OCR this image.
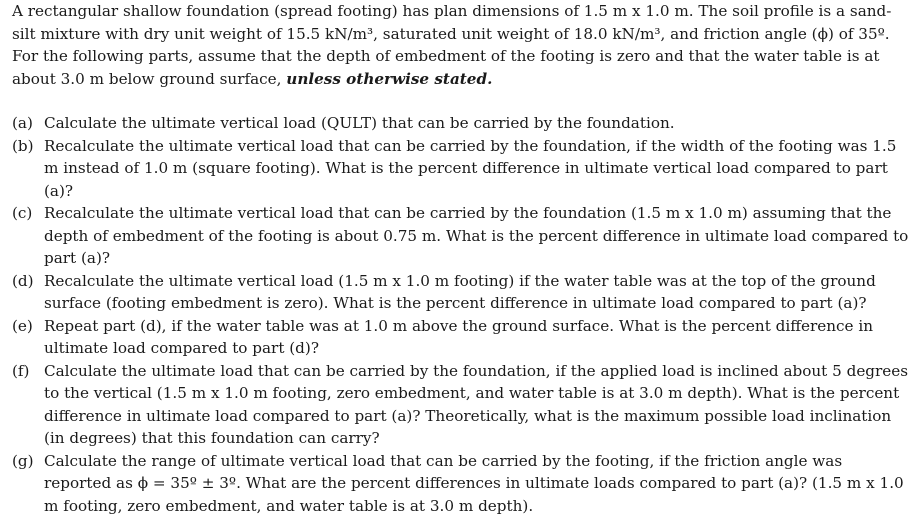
A rectangular shallow foundation (spread footing) has plan dimensions of 1.5 m x 1.0 m. The soil profile is a sand-silt mixture with dry unit weight of 15.5 kN/m³, saturated unit weight of 18.0 kN/m³, and friction angle (ϕ) of 35º. For the following parts, assume that the depth of embedment of the footing is zero and that the water table is at about 3.0 m below ground surface, unless otherwise stated.

(a) Calculate the ultimate vertical load (QULT) that can be carried by the foundation.
(b) Recalculate the ultimate vertical load that can be carried by the foundation, if the width of the footing was 1.5 m instead of 1.0 m (square footing). What is the percent difference in ultimate vertical load compared to part (a)?
(c) Recalculate the ultimate vertical load that can be carried by the foundation (1.5 m x 1.0 m) assuming that the depth of embedment of the footing is about 0.75 m. What is the percent difference in ultimate load compared to part (a)?
(d) Recalculate the ultimate vertical load (1.5 m x 1.0 m footing) if the water table was at the top of the ground surface (footing embedment is zero). What is the percent difference in ultimate load compared to part (a)?
(e) Repeat part (d), if the water table was at 1.0 m above the ground surface. What is the percent difference in ultimate load compared to part (d)?
(f) Calculate the ultimate load that can be carried by the foundation, if the applied load is inclined about 5 degrees to the vertical (1.5 m x 1.0 m footing, zero embedment, and water table is at 3.0 m depth). What is the percent difference in ultimate load compared to part (a)? Theoretically, what is the maximum possible load inclination (in degrees) that this foundation can carry?
(g) Calculate the range of ultimate vertical load that can be carried by the footing, if the friction angle was reported as ϕ = 35º ± 3º. What are the percent differences in ultimate loads compared to part (a)? (1.5 m x 1.0 m footing, zero embedment, and water table is at 3.0 m depth).
